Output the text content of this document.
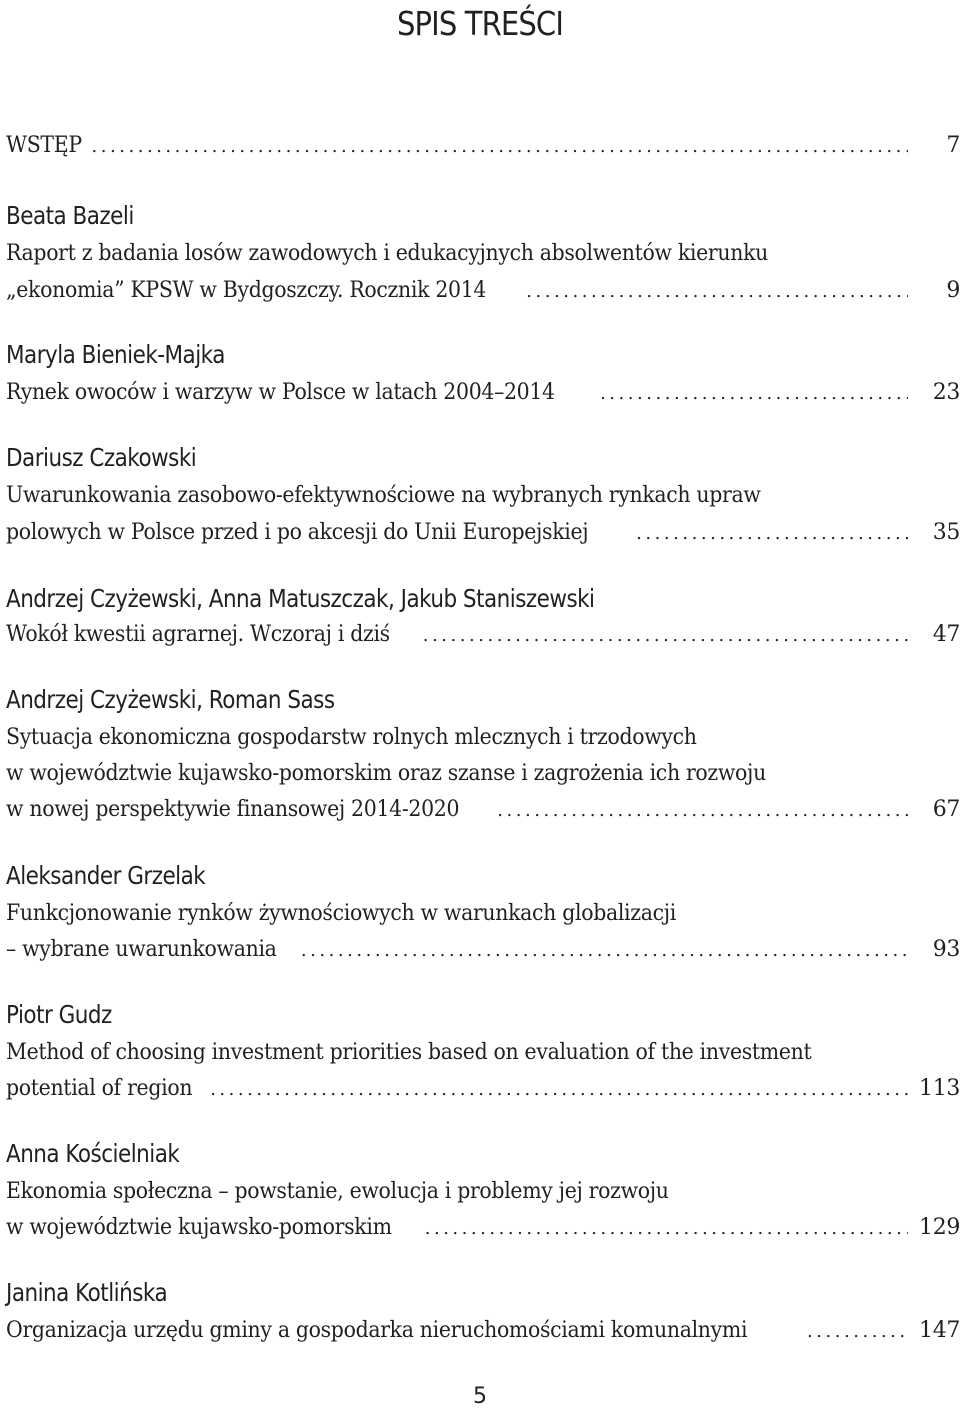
SPIS TREŚCI
WSTĘP . . .	7
Beata Bazeli
Raport z badania losów zawodowych i edukacyjnych absolwentów kierunku
„ekonomia” KPSW w Bydgoszczy. Rocznik 2014 . . .	9
Maryla Bieniek-Majka
Rynek owoców i warzyw w Polsce w latach 2004–2014 . . .	23
Dariusz Czakowski
Uwarunkowania zasobowo-efektywnościowe na wybranych rynkach upraw
polowych w Polsce przed i po akcesji do Unii Europejskiej . . .	35
Andrzej Czyżewski, Anna Matuszczak, Jakub Staniszewski
Wokół kwestii agrarnej. Wczoraj i dziś . . .	47
Andrzej Czyżewski, Roman Sass
Sytuacja ekonomiczna gospodarstw rolnych mlecznych i trzodowych
w województwie kujawsko-pomorskim oraz szanse i zagrożenia ich rozwoju
w nowej perspektywie finansowej 2014-2020 . . .	67
Aleksander Grzelak
Funkcjonowanie rynków żywnościowych w warunkach globalizacji
– wybrane uwarunkowania . . .	93
Piotr Gudz
Method of choosing investment priorities based on evaluation of the investment
potential of region . . .	113
Anna Kościelniak
Ekonomia społeczna – powstanie, ewolucja i problemy jej rozwoju
w województwie kujawsko-pomorskim . . .	129
Janina Kotlińska
Organizacja urzędu gminy a gospodarka nieruchomościami komunalnymi . . .	147
5
